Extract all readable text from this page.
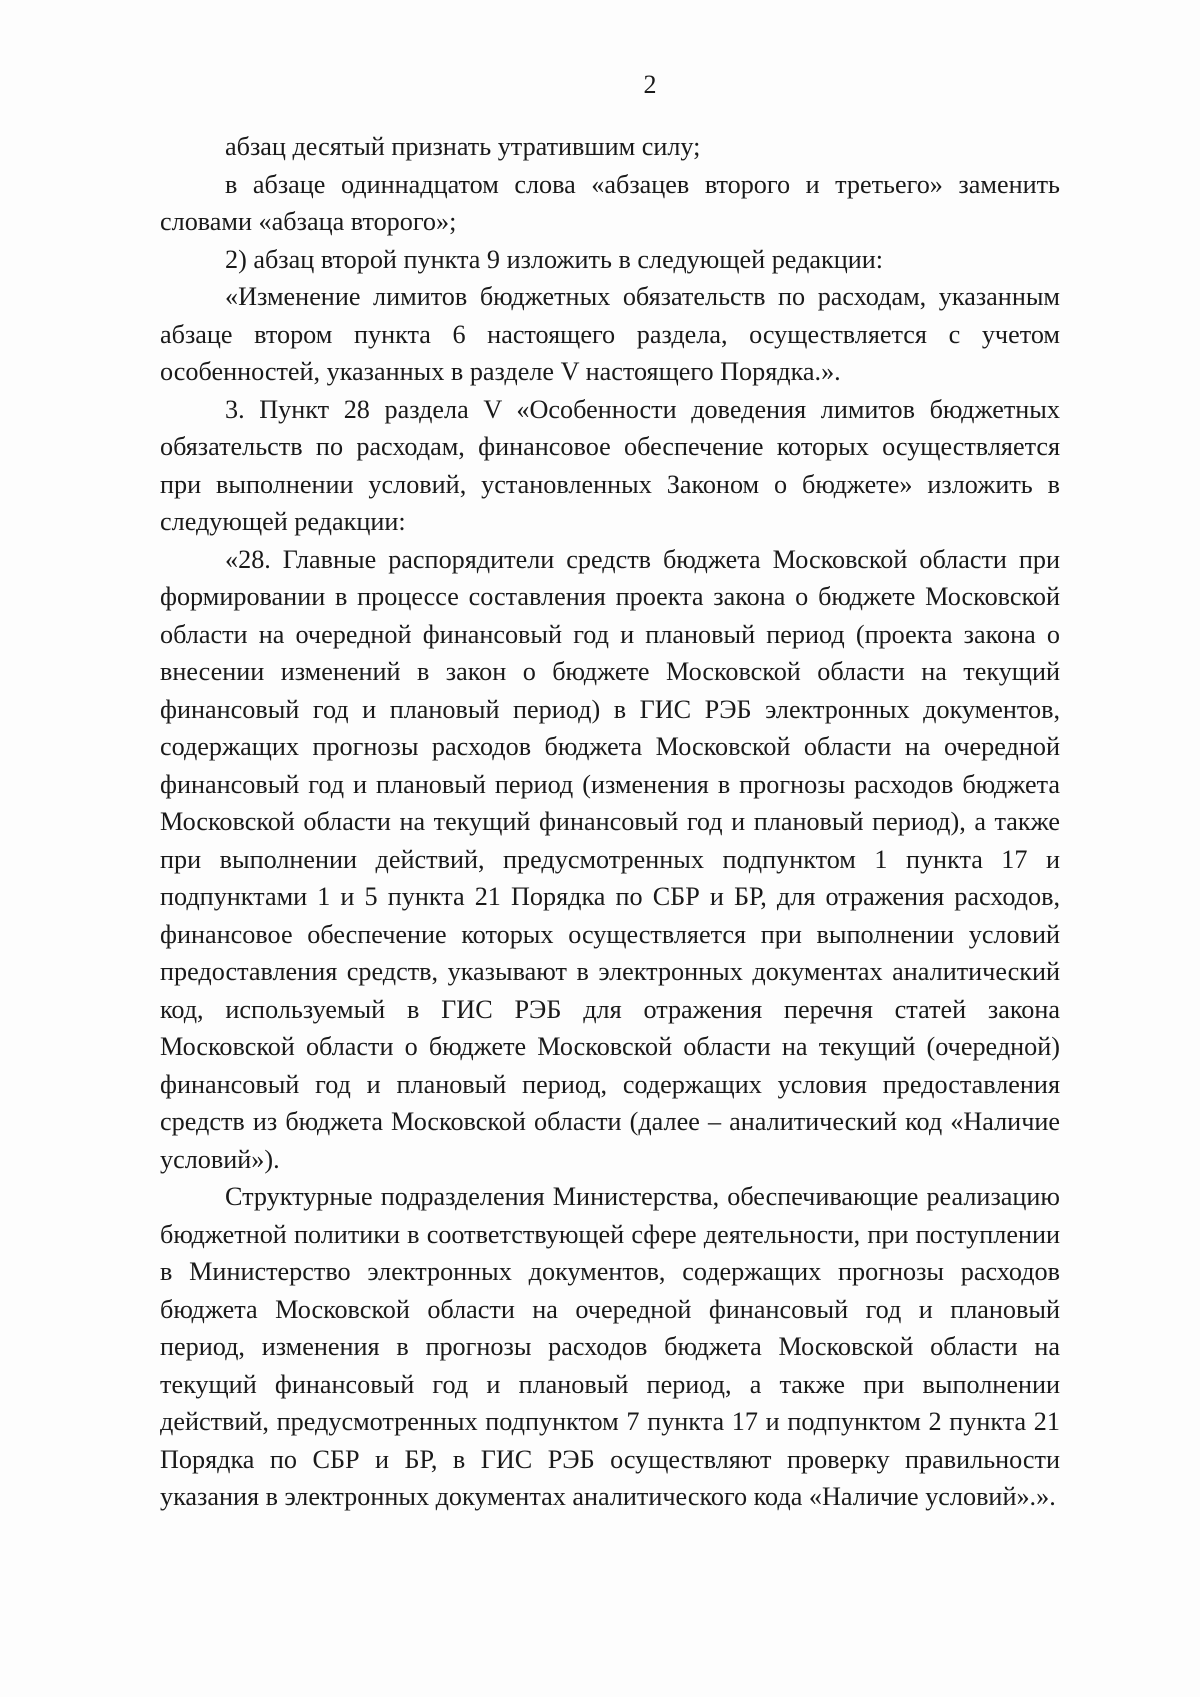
2

абзац десятый признать утратившим силу;

в абзаце одиннадцатом слова «абзацев второго и третьего» заменить словами «абзаца второго»;

2) абзац второй пункта 9 изложить в следующей редакции:

«Изменение лимитов бюджетных обязательств по расходам, указанным абзаце втором пункта 6 настоящего раздела, осуществляется с учетом особенностей, указанных в разделе V настоящего Порядка.».

3. Пункт 28 раздела V «Особенности доведения лимитов бюджетных обязательств по расходам, финансовое обеспечение которых осуществляется при выполнении условий, установленных Законом о бюджете» изложить в следующей редакции:

«28. Главные распорядители средств бюджета Московской области при формировании в процессе составления проекта закона о бюджете Московской области на очередной финансовый год и плановый период (проекта закона о внесении изменений в закон о бюджете Московской области на текущий финансовый год и плановый период) в ГИС РЭБ электронных документов, содержащих прогнозы расходов бюджета Московской области на очередной финансовый год и плановый период (изменения в прогнозы расходов бюджета Московской области на текущий финансовый год и плановый период), а также при выполнении действий, предусмотренных подпунктом 1 пункта 17 и подпунктами 1 и 5 пункта 21 Порядка по СБР и БР, для отражения расходов, финансовое обеспечение которых осуществляется при выполнении условий предоставления средств, указывают в электронных документах аналитический код, используемый в ГИС РЭБ для отражения перечня статей закона Московской области о бюджете Московской области на текущий (очередной) финансовый год и плановый период, содержащих условия предоставления средств из бюджета Московской области (далее – аналитический код «Наличие условий»).

Структурные подразделения Министерства, обеспечивающие реализацию бюджетной политики в соответствующей сфере деятельности, при поступлении в Министерство электронных документов, содержащих прогнозы расходов бюджета Московской области на очередной финансовый год и плановый период, изменения в прогнозы расходов бюджета Московской области на текущий финансовый год и плановый период, а также при выполнении действий, предусмотренных подпунктом 7 пункта 17 и подпунктом 2 пункта 21 Порядка по СБР и БР, в ГИС РЭБ осуществляют проверку правильности указания в электронных документах аналитического кода «Наличие условий».».
